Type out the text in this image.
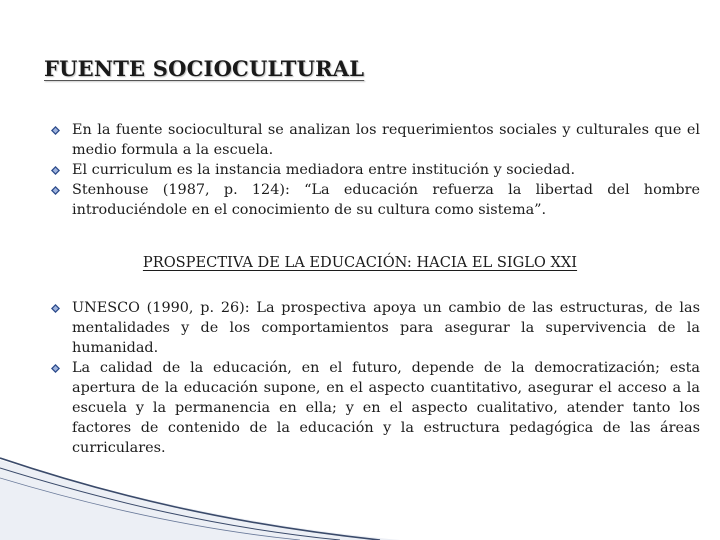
FUENTE SOCIOCULTURAL
En la fuente sociocultural se analizan los requerimientos sociales y culturales que el medio formula a la escuela.
El curriculum es la instancia mediadora entre institución y sociedad.
Stenhouse (1987, p. 124): “La educación refuerza la libertad del hombre introduciéndole en el conocimiento de su cultura como sistema”.
PROSPECTIVA DE LA EDUCACIÓN: HACIA EL SIGLO XXI
UNESCO (1990, p. 26): La prospectiva apoya un cambio de las estructuras, de las mentalidades y de los comportamientos para asegurar la supervivencia de la humanidad.
La calidad de la educación, en el futuro, depende de la democratización; esta apertura de la educación supone, en el aspecto cuantitativo, asegurar el acceso a la escuela y la permanencia en ella; y en el aspecto cualitativo, atender tanto los factores de contenido de la educación y la estructura pedagógica de las áreas curriculares.
